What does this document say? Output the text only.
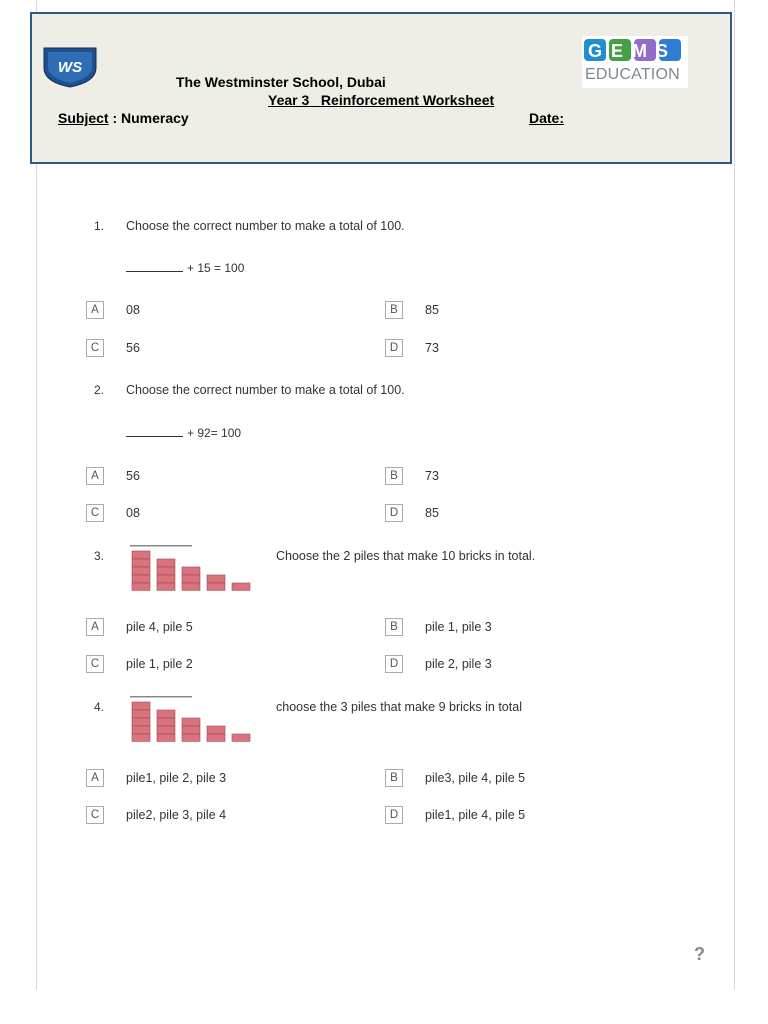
WS
GEMS
EDUCATION
The Westminster School, Dubai
Year 3   Reinforcement Worksheet
Subject : Numeracy	Date:
1. Choose the correct number to make a total of 100.
+ 15 = 100
A	08	B	85
C	56	D	73
2. Choose the correct number to make a total of 100.
+ 92= 100
A	56	B	73
C	08	D	85
3.	Choose the 2 piles that make 10 bricks in total.
A	pile 4, pile 5	B	pile 1, pile 3
C	pile 1, pile 2	D	pile 2, pile 3
4.	choose the 3 piles that make 9 bricks in total
A	pile1, pile 2, pile 3	B	pile3, pile 4, pile 5
C	pile2, pile 3, pile 4	D	pile1, pile 4, pile 5
?
